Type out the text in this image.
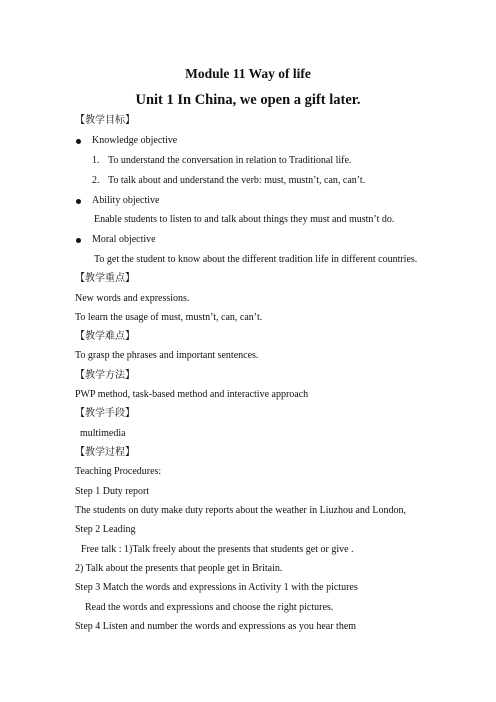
Module 11 Way of life
Unit 1 In China, we open a gift later.
【教学目标】
Knowledge objective
1. To understand the conversation in relation to Traditional life.
2. To talk about and understand the verb: must, mustn’t, can, can’t.
Ability objective
Enable students to listen to and talk about things they must and mustn’t do.
Moral objective
To get the student to know about the different tradition life in different countries.
【教学重点】
New words and expressions.
To learn the usage of must, mustn’t, can, can’t.
【教学难点】
To grasp the phrases and important sentences.
【教学方法】
PWP method, task-based method and interactive approach
【教学手段】
multimedia
【教学过程】
Teaching Procedures:
Step 1 Duty report
The students on duty make duty reports about the weather in Liuzhou and London,
Step 2 Leading
Free talk : 1)Talk freely about the presents that students get or give .
2) Talk about the presents that people get in Britain.
Step 3 Match the words and expressions in Activity 1 with the pictures
Read the words and expressions and choose the right pictures.
Step 4 Listen and number the words and expressions as you hear them
